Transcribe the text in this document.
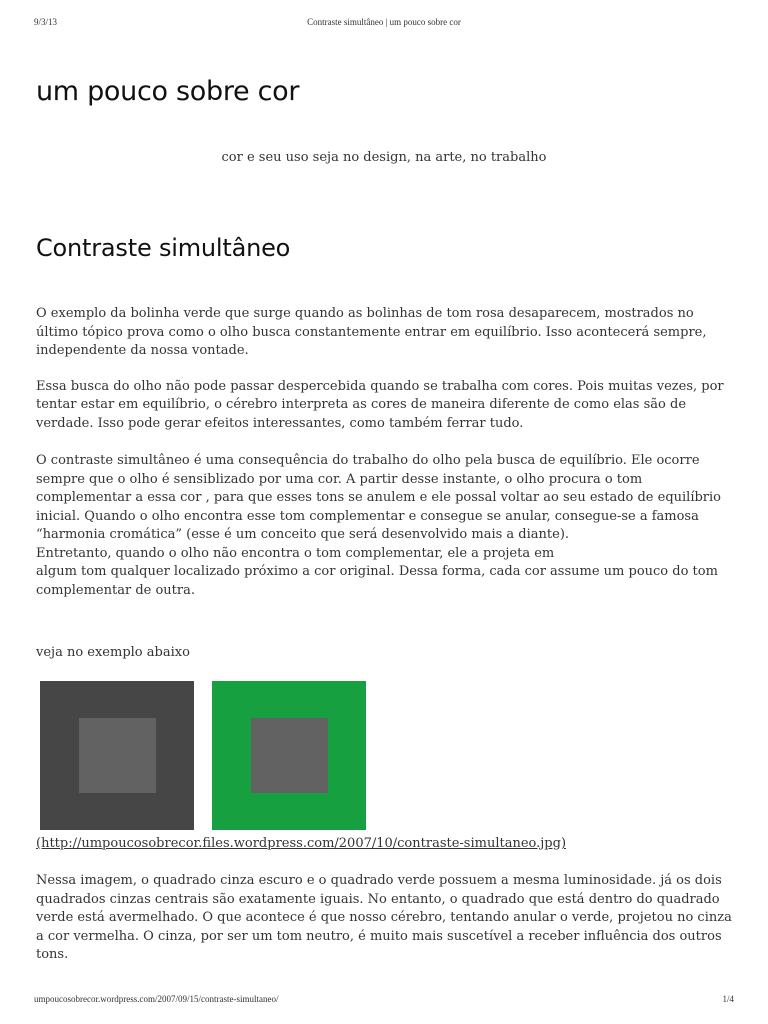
9/3/13	Contraste simultâneo | um pouco sobre cor
um pouco sobre cor
cor e seu uso seja no design, na arte, no trabalho
Contraste simultâneo

O exemplo da bolinha verde que surge quando as bolinhas de tom rosa desaparecem, mostrados no último tópico prova como o olho busca constantemente entrar em equilíbrio. Isso acontecerá sempre, independente da nossa vontade.

Essa busca do olho não pode passar despercebida quando se trabalha com cores. Pois muitas vezes, por tentar estar em equilíbrio, o cérebro interpreta as cores de maneira diferente de como elas são de verdade. Isso pode gerar efeitos interessantes, como também ferrar tudo.

O contraste simultâneo é uma consequência do trabalho do olho pela busca de equilíbrio. Ele ocorre sempre que o olho é sensiblizado por uma cor. A partir desse instante, o olho procura o tom complementar a essa cor , para que esses tons se anulem e ele possal voltar ao seu estado de equilíbrio inicial. Quando o olho encontra esse tom complementar e consegue se anular, consegue-se a famosa “harmonia cromática” (esse é um conceito que será desenvolvido mais a diante).
Entretanto, quando o olho não encontra o tom complementar, ele a projeta em
algum tom qualquer localizado próximo a cor original. Dessa forma, cada cor assume um pouco do tom complementar de outra.

veja no exemplo abaixo
(http://umpoucosobrecor.files.wordpress.com/2007/10/contraste-simultaneo.jpg)

Nessa imagem, o quadrado cinza escuro e o quadrado verde possuem a mesma luminosidade. já os dois quadrados cinzas centrais são exatamente iguais. No entanto, o quadrado que está dentro do quadrado verde está avermelhado. O que acontece é que nosso cérebro, tentando anular o verde, projetou no cinza a cor vermelha. O cinza, por ser um tom neutro, é muito mais suscetível a receber influência dos outros tons.

umpoucosobrecor.wordpress.com/2007/09/15/contraste-simultaneo/	1/4
